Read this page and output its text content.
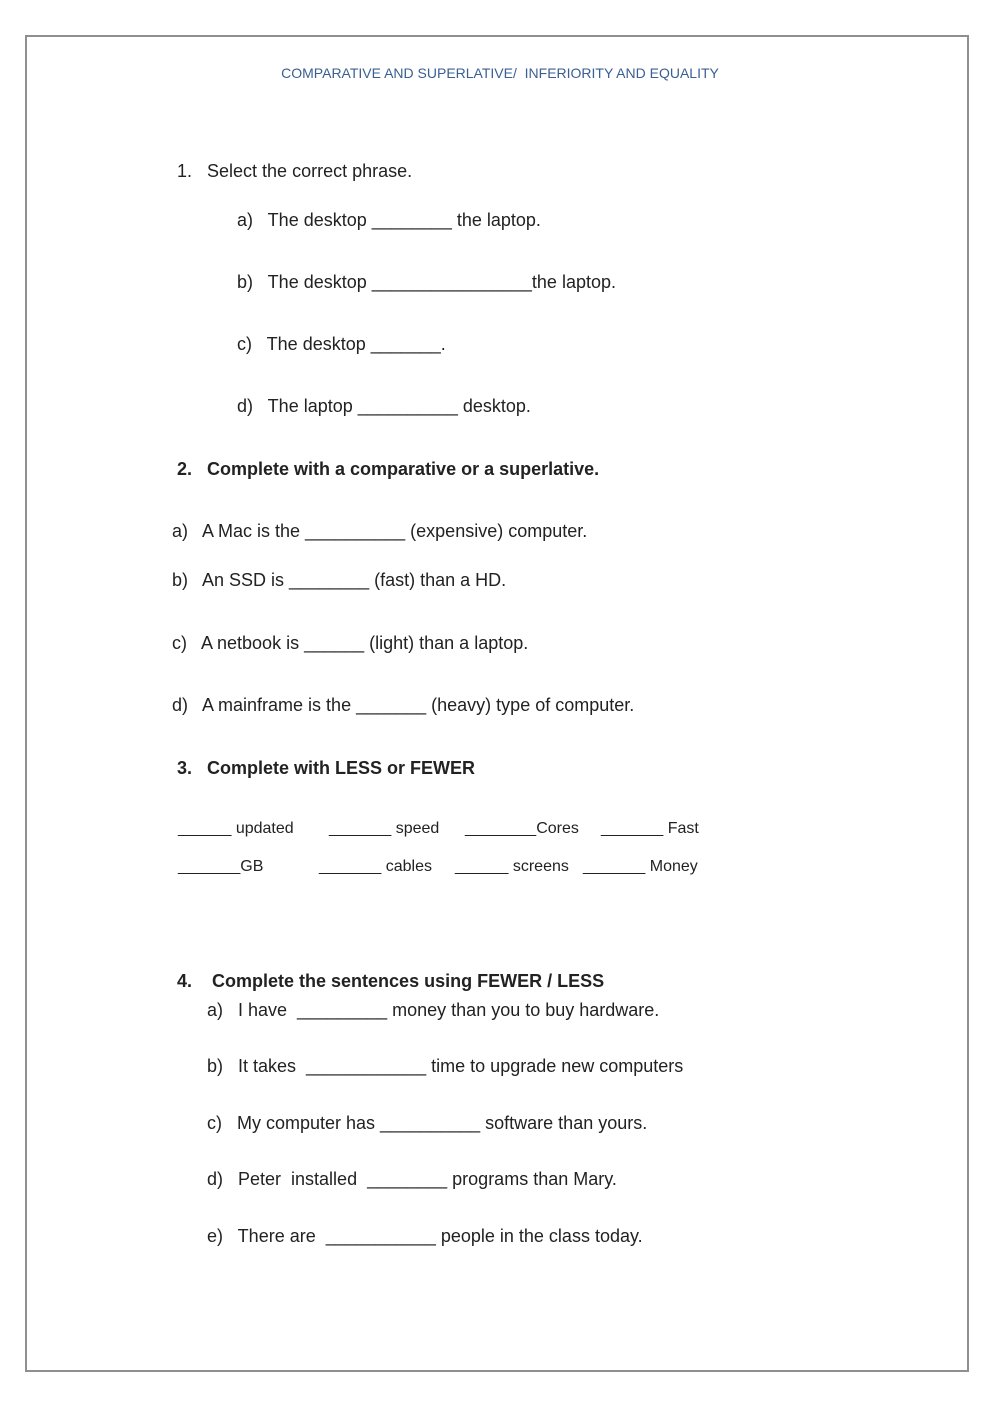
COMPARATIVE AND SUPERLATIVE/  INFERIORITY AND EQUALITY
1.   Select the correct phrase.
a)   The desktop ________ the laptop.
b)   The desktop ________________the laptop.
c)   The desktop _______.
d)   The laptop __________ desktop.
2.   Complete with a comparative or a superlative.
a)   A Mac is the __________ (expensive) computer.
b)   An SSD is ________ (fast) than a HD.
c)   A netbook is ______ (light) than a laptop.
d)   A mainframe is the _______ (heavy) type of computer.
3.   Complete with LESS or FEWER
______ updated _______ speed ________Cores _______ Fast
_______GB	_______ cables ______ screens _______ Money
4.    Complete the sentences using FEWER / LESS
a)   I have  _________ money than you to buy hardware.
b)   It takes  ____________ time to upgrade new computers
c)   My computer has __________ software than yours.
d)   Peter  installed  ________ programs than Mary.
e)   There are  ___________ people in the class today.
